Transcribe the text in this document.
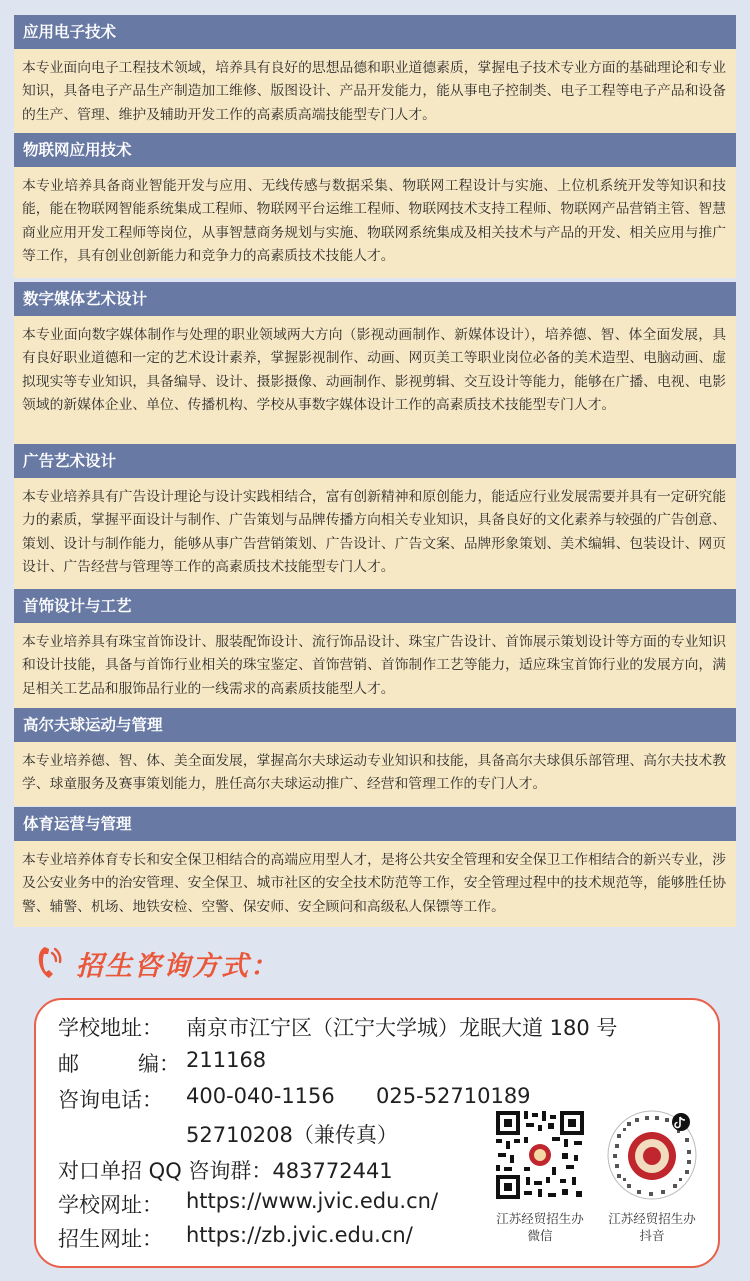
应用电子技术
本专业面向电子工程技术领域，培养具有良好的思想品德和职业道德素质，掌握电子技术专业方面的基础理论和专业知识，具备电子产品生产制造加工维修、版图设计、产品开发能力，能从事电子控制类、电子工程等电子产品和设备的生产、管理、维护及辅助开发工作的高素质高端技能型专门人才。
物联网应用技术
本专业培养具备商业智能开发与应用、无线传感与数据采集、物联网工程设计与实施、上位机系统开发等知识和技能，能在物联网智能系统集成工程师、物联网平台运维工程师、物联网技术支持工程师、物联网产品营销主管、智慧商业应用开发工程师等岗位，从事智慧商务规划与实施、物联网系统集成及相关技术与产品的开发、相关应用与推广等工作，具有创业创新能力和竞争力的高素质技术技能人才。
数字媒体艺术设计
本专业面向数字媒体制作与处理的职业领域两大方向（影视动画制作、新媒体设计），培养德、智、体全面发展，具有良好职业道德和一定的艺术设计素养，掌握影视制作、动画、网页美工等职业岗位必备的美术造型、电脑动画、虚拟现实等专业知识，具备编导、设计、摄影摄像、动画制作、影视剪辑、交互设计等能力，能够在广播、电视、电影领域的新媒体企业、单位、传播机构、学校从事数字媒体设计工作的高素质技术技能型专门人才。
广告艺术设计
本专业培养具有广告设计理论与设计实践相结合，富有创新精神和原创能力，能适应行业发展需要并具有一定研究能力的素质，掌握平面设计与制作、广告策划与品牌传播方向相关专业知识，具备良好的文化素养与较强的广告创意、策划、设计与制作能力，能够从事广告营销策划、广告设计、广告文案、品牌形象策划、美术编辑、包装设计、网页设计、广告经营与管理等工作的高素质技术技能型专门人才。
首饰设计与工艺
本专业培养具有珠宝首饰设计、服装配饰设计、流行饰品设计、珠宝广告设计、首饰展示策划设计等方面的专业知识和设计技能，具备与首饰行业相关的珠宝鉴定、首饰营销、首饰制作工艺等能力，适应珠宝首饰行业的发展方向，满足相关工艺品和服饰品行业的一线需求的高素质技能型人才。
高尔夫球运动与管理
本专业培养德、智、体、美全面发展，掌握高尔夫球运动专业知识和技能，具备高尔夫球俱乐部管理、高尔夫技术教学、球童服务及赛事策划能力，胜任高尔夫球运动推广、经营和管理工作的专门人才。
体育运营与管理
本专业培养体育专长和安全保卫相结合的高端应用型人才，是将公共安全管理和安全保卫工作相结合的新兴专业，涉及公安业务中的治安管理、安全保卫、城市社区的安全技术防范等工作，安全管理过程中的技术规范等，能够胜任协警、辅警、机场、地铁安检、空警、保安师、安全顾问和高级私人保镖等工作。
招生咨询方式：
学校地址： 南京市江宁区（江宁大学城）龙眠大道 180 号
邮	编： 211168
咨询电话： 400-040-1156 025-52710189
52710208（兼传真）
对口单招 QQ 咨询群：483772441
学校网址： https://www.jvic.edu.cn/
招生网址： https://zb.jvic.edu.cn/
江苏经贸招生办
微信
江苏经贸招生办
抖音
